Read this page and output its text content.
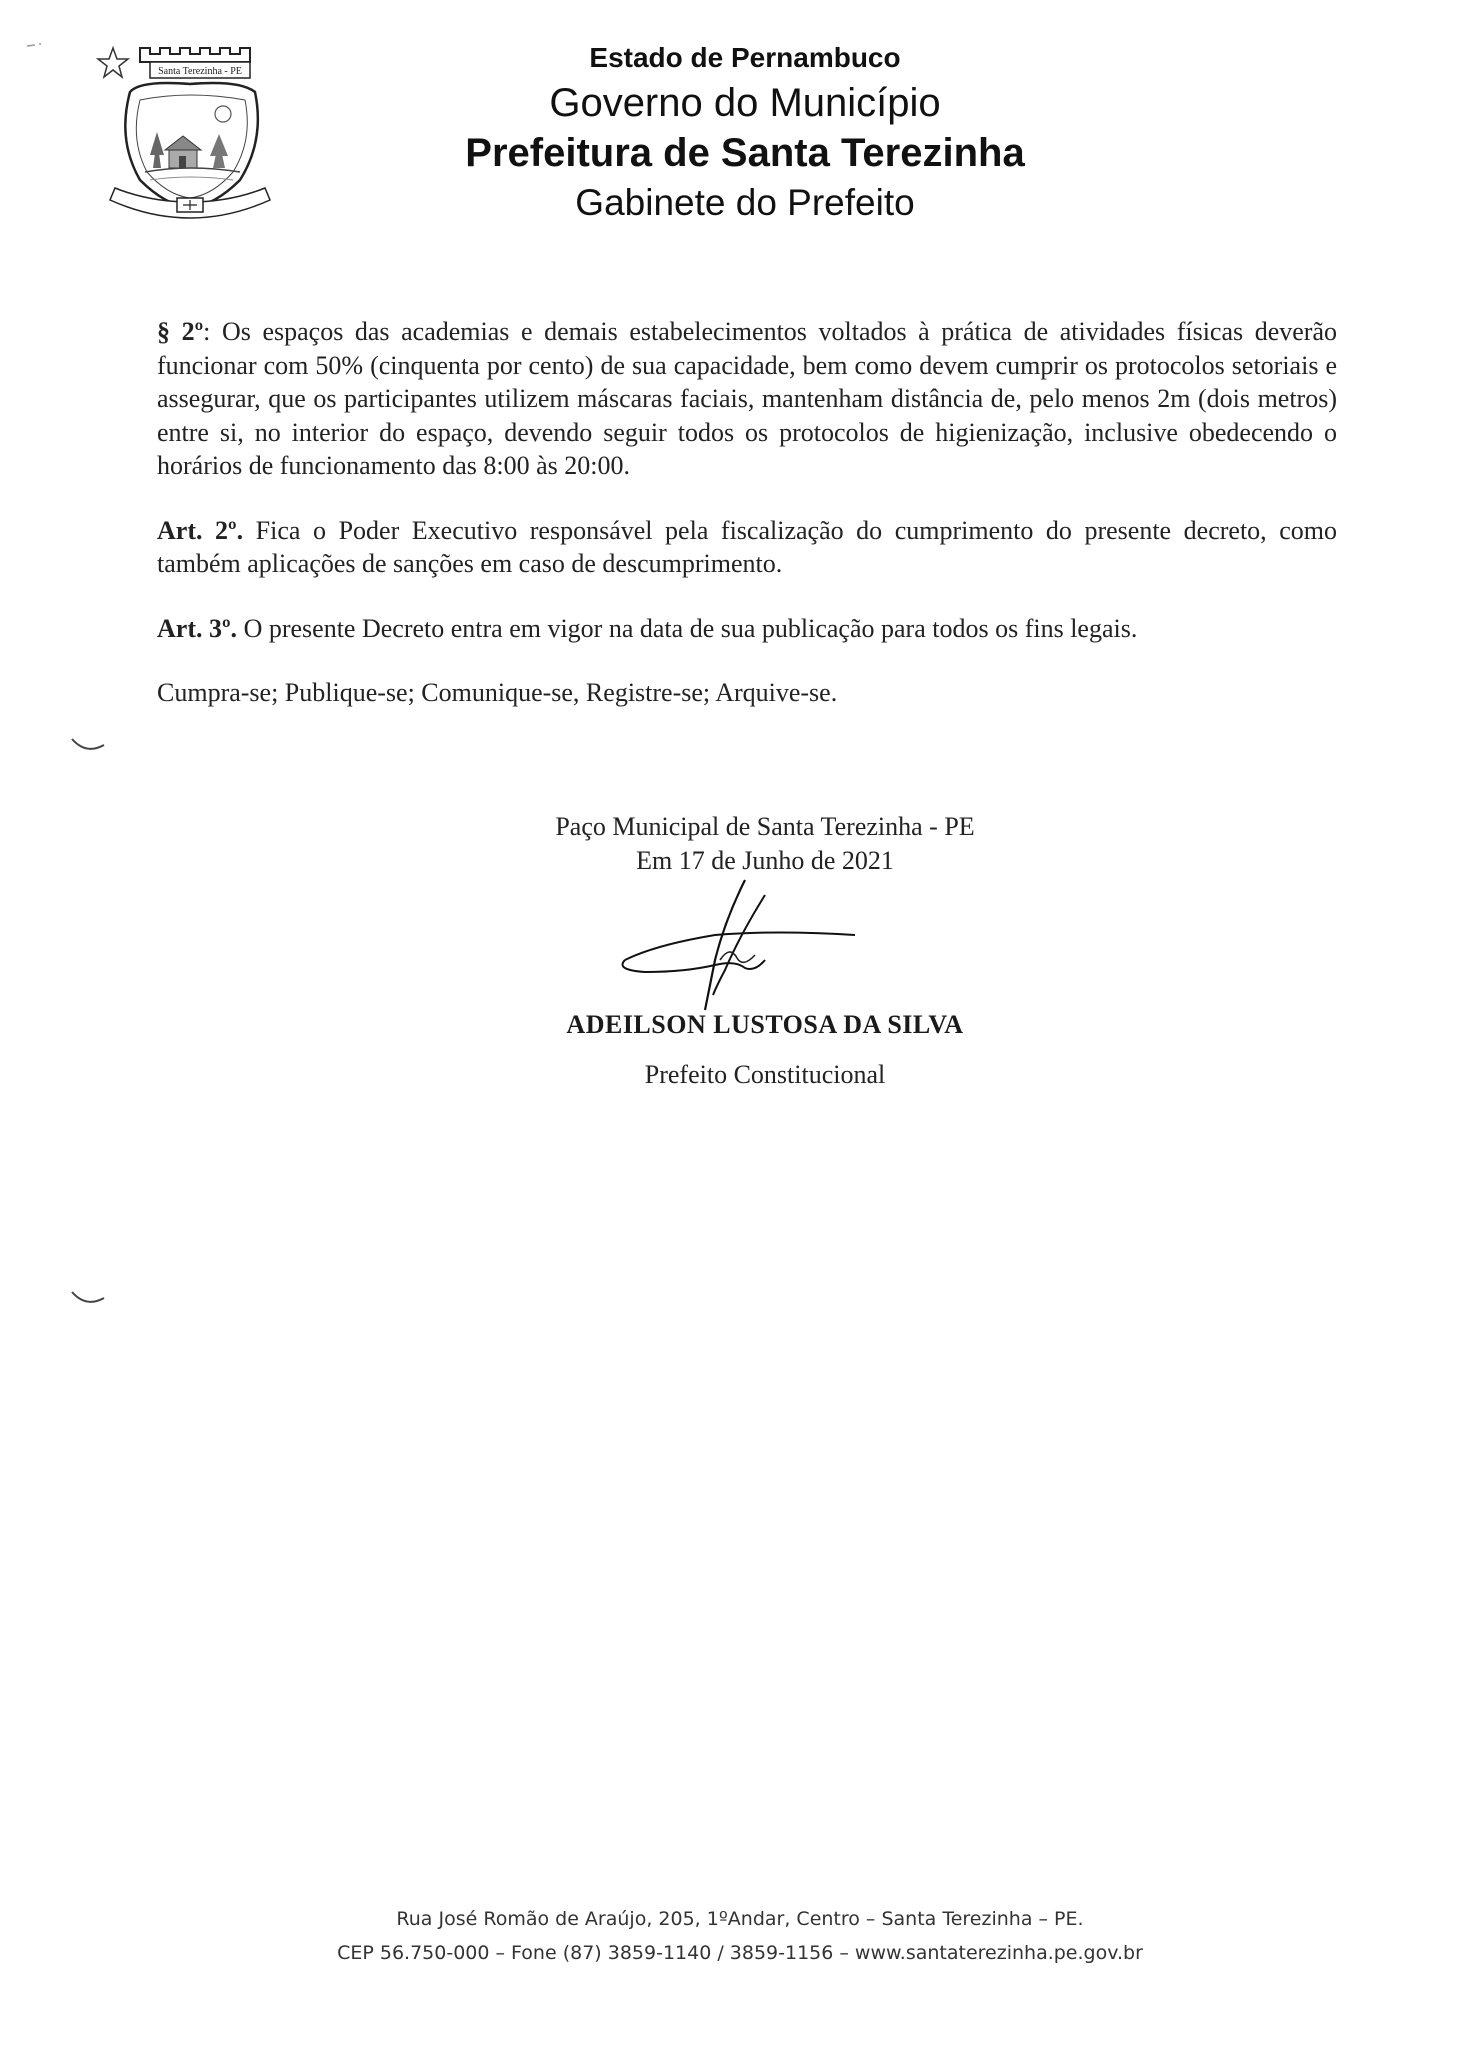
Santa Terezinha - PE	Estado de Pernambuco
Governo do Município
Prefeitura de Santa Terezinha
Gabinete do Prefeito

§ 2º: Os espaços das academias e demais estabelecimentos voltados à prática de atividades físicas deverão funcionar com 50% (cinquenta por cento) de sua capacidade, bem como devem cumprir os protocolos setoriais e assegurar, que os participantes utilizem máscaras faciais, mantenham distância de, pelo menos 2m (dois metros) entre si, no interior do espaço, devendo seguir todos os protocolos de higienização, inclusive obedecendo o horários de funcionamento das 8:00 às 20:00.

Art. 2º. Fica o Poder Executivo responsável pela fiscalização do cumprimento do presente decreto, como também aplicações de sanções em caso de descumprimento.

Art. 3º. O presente Decreto entra em vigor na data de sua publicação para todos os fins legais.

Cumpra-se; Publique-se; Comunique-se, Registre-se; Arquive-se.

Paço Municipal de Santa Terezinha - PE
Em 17 de Junho de 2021
ADEILSON LUSTOSA DA SILVA
Prefeito Constitucional
Rua José Romão de Araújo, 205, 1ºAndar, Centro – Santa Terezinha – PE.
CEP 56.750-000 – Fone (87) 3859-1140 / 3859-1156 – www.santaterezinha.pe.gov.br
